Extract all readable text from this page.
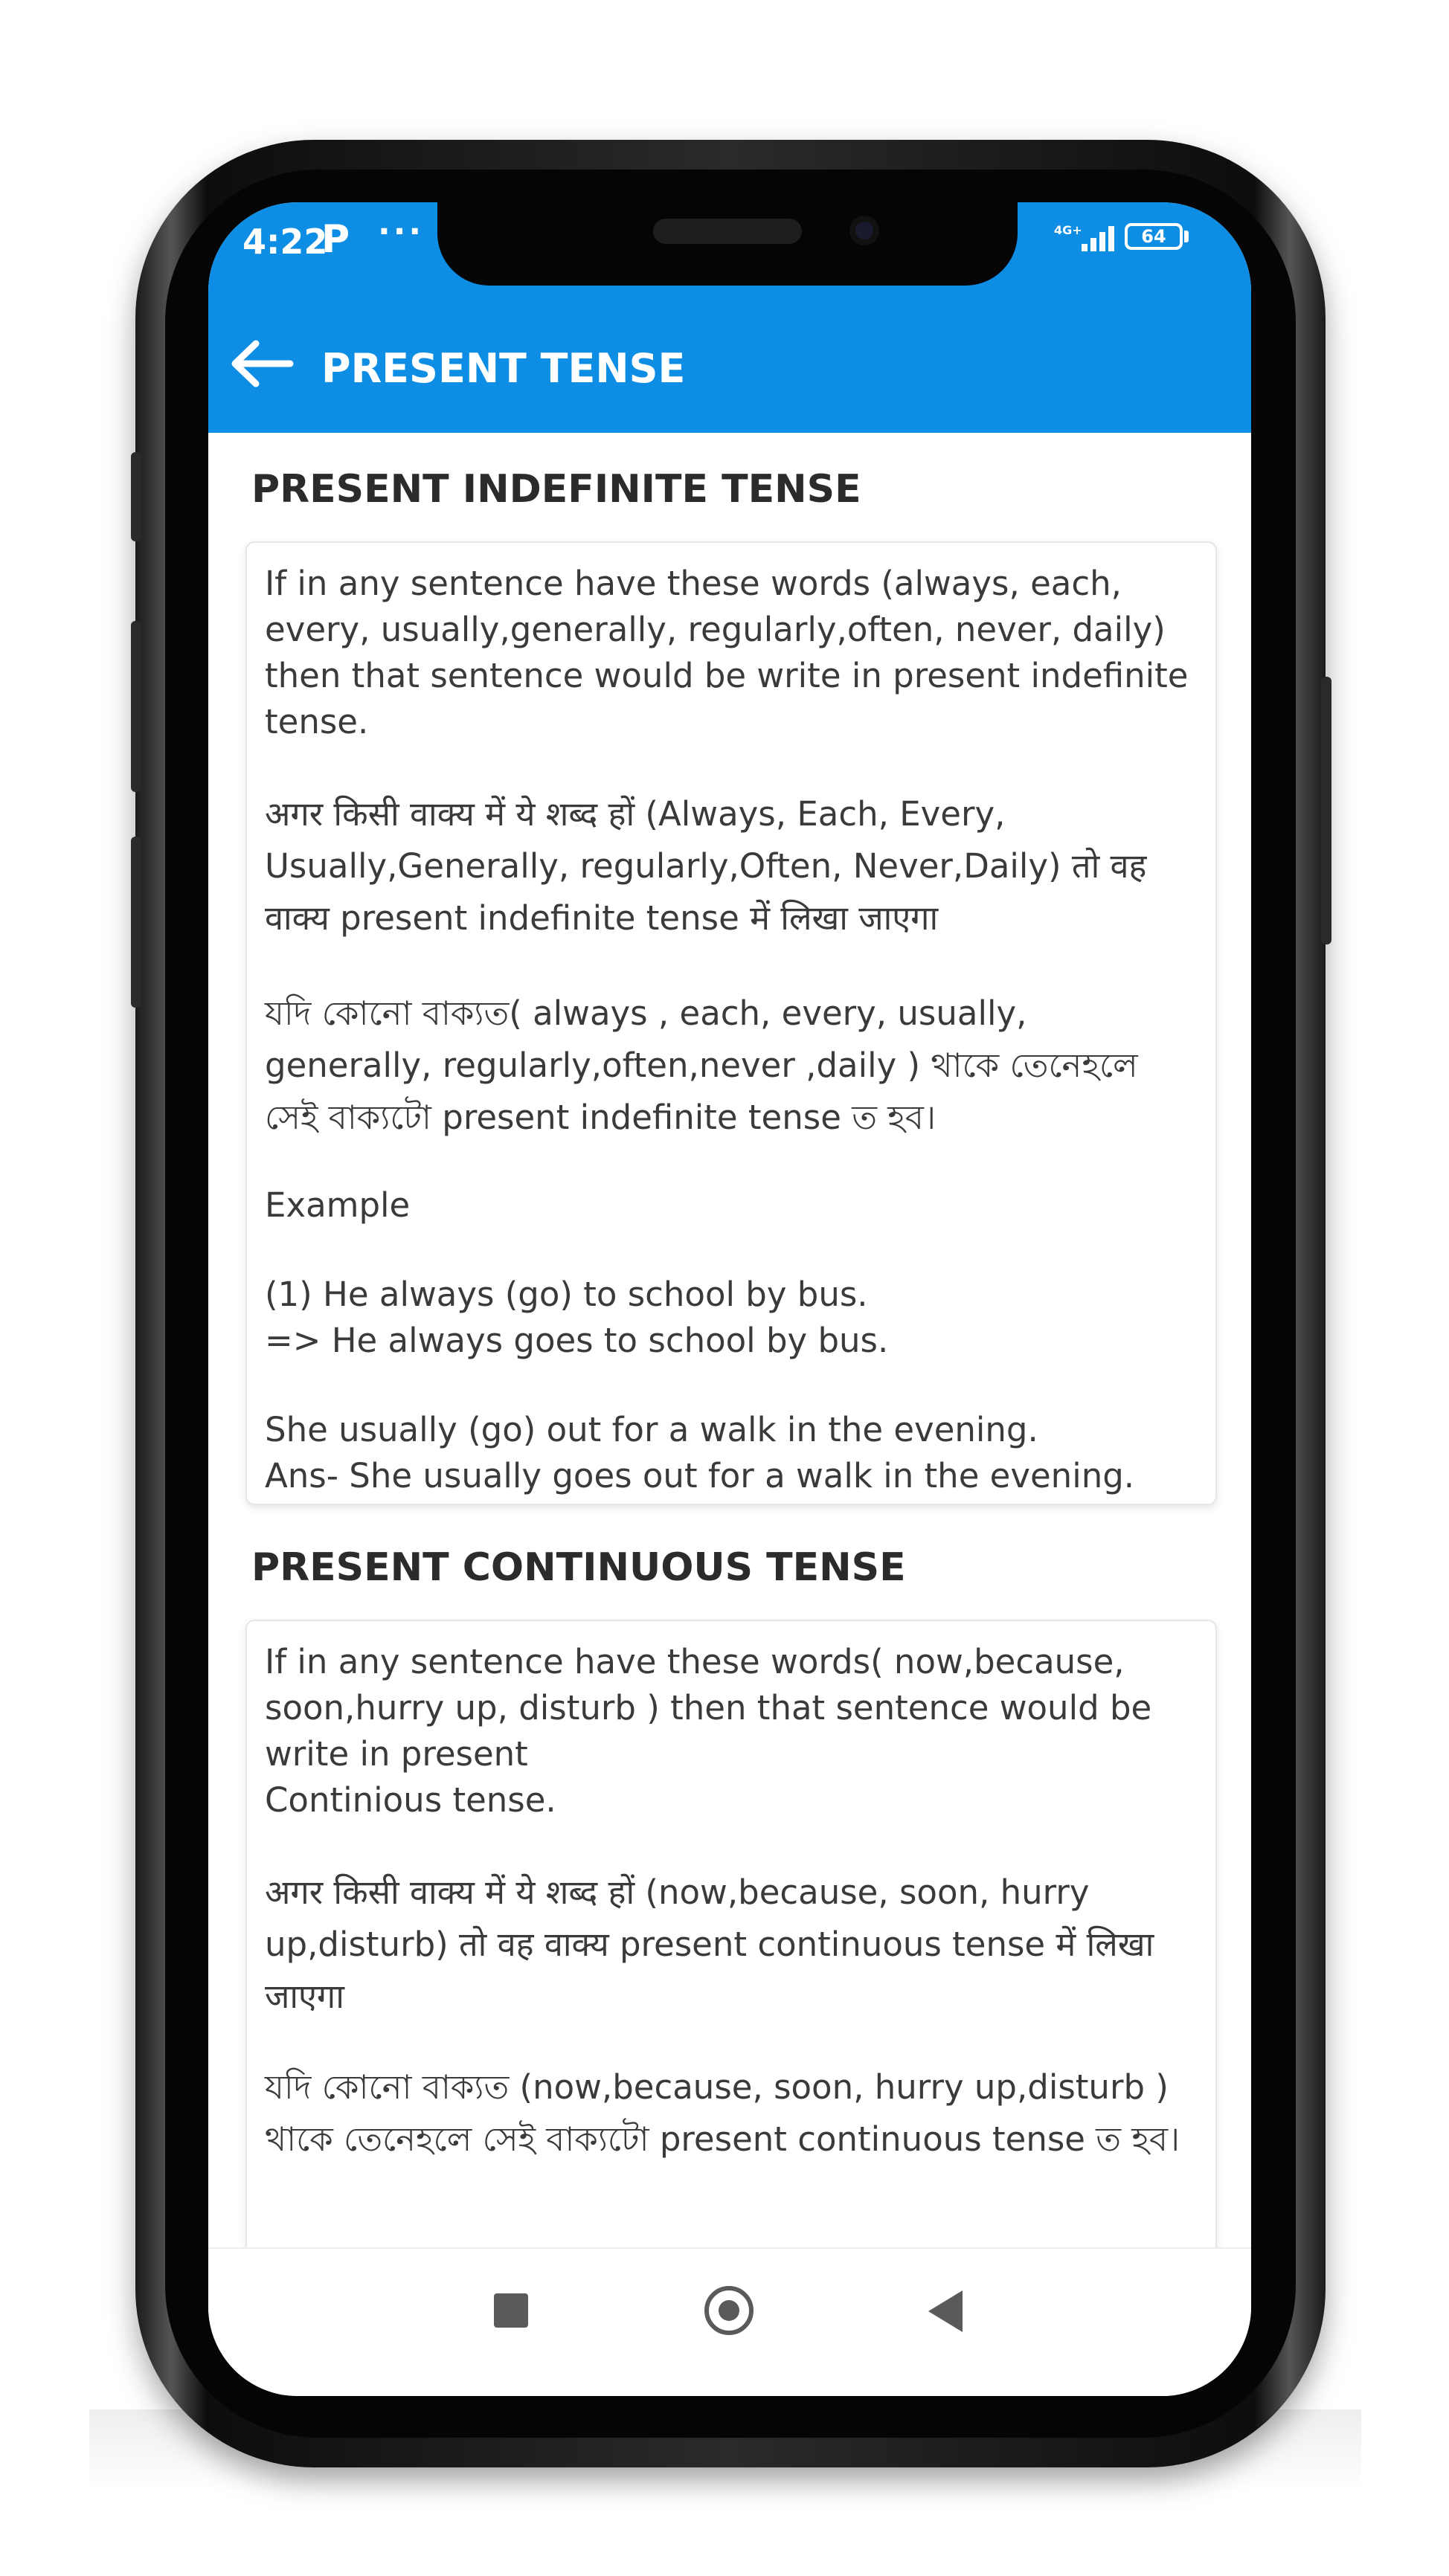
4:22
P ···	4G+	64
PRESENT TENSE
PRESENT INDEFINITE TENSE

If in any sentence have these words (always, each, every, usually,generally, regularly,often, never, daily) then that sentence would be write in present indefinite tense.

अगर किसी वाक्य में ये शब्द हों (Always, Each, Every, Usually,Generally, regularly,Often, Never,Daily) तो वह वाक्य present indefinite tense में लिखा जाएगा

যদি কোনো বাক্যত( always , each, every, usually, generally, regularly,often,never ,daily ) থাকে তেনেহলে সেই বাক্যটো present indefinite tense ত হব।

Example

(1) He always (go) to school by bus.
=> He always goes to school by bus.

She usually (go) out for a walk in the evening.
Ans- She usually goes out for a walk in the evening.

PRESENT CONTINUOUS TENSE

If in any sentence have these words( now,because, soon,hurry up, disturb ) then that sentence would be write in present
Continious tense.

अगर किसी वाक्य में ये शब्द हों (now,because, soon, hurry up,disturb) तो वह वाक्य present continuous tense में लिखा जाएगा

যদি কোনো বাক্যত (now,because, soon, hurry up,disturb ) থাকে তেনেহলে সেই বাক্যটো present continuous tense ত হব।
